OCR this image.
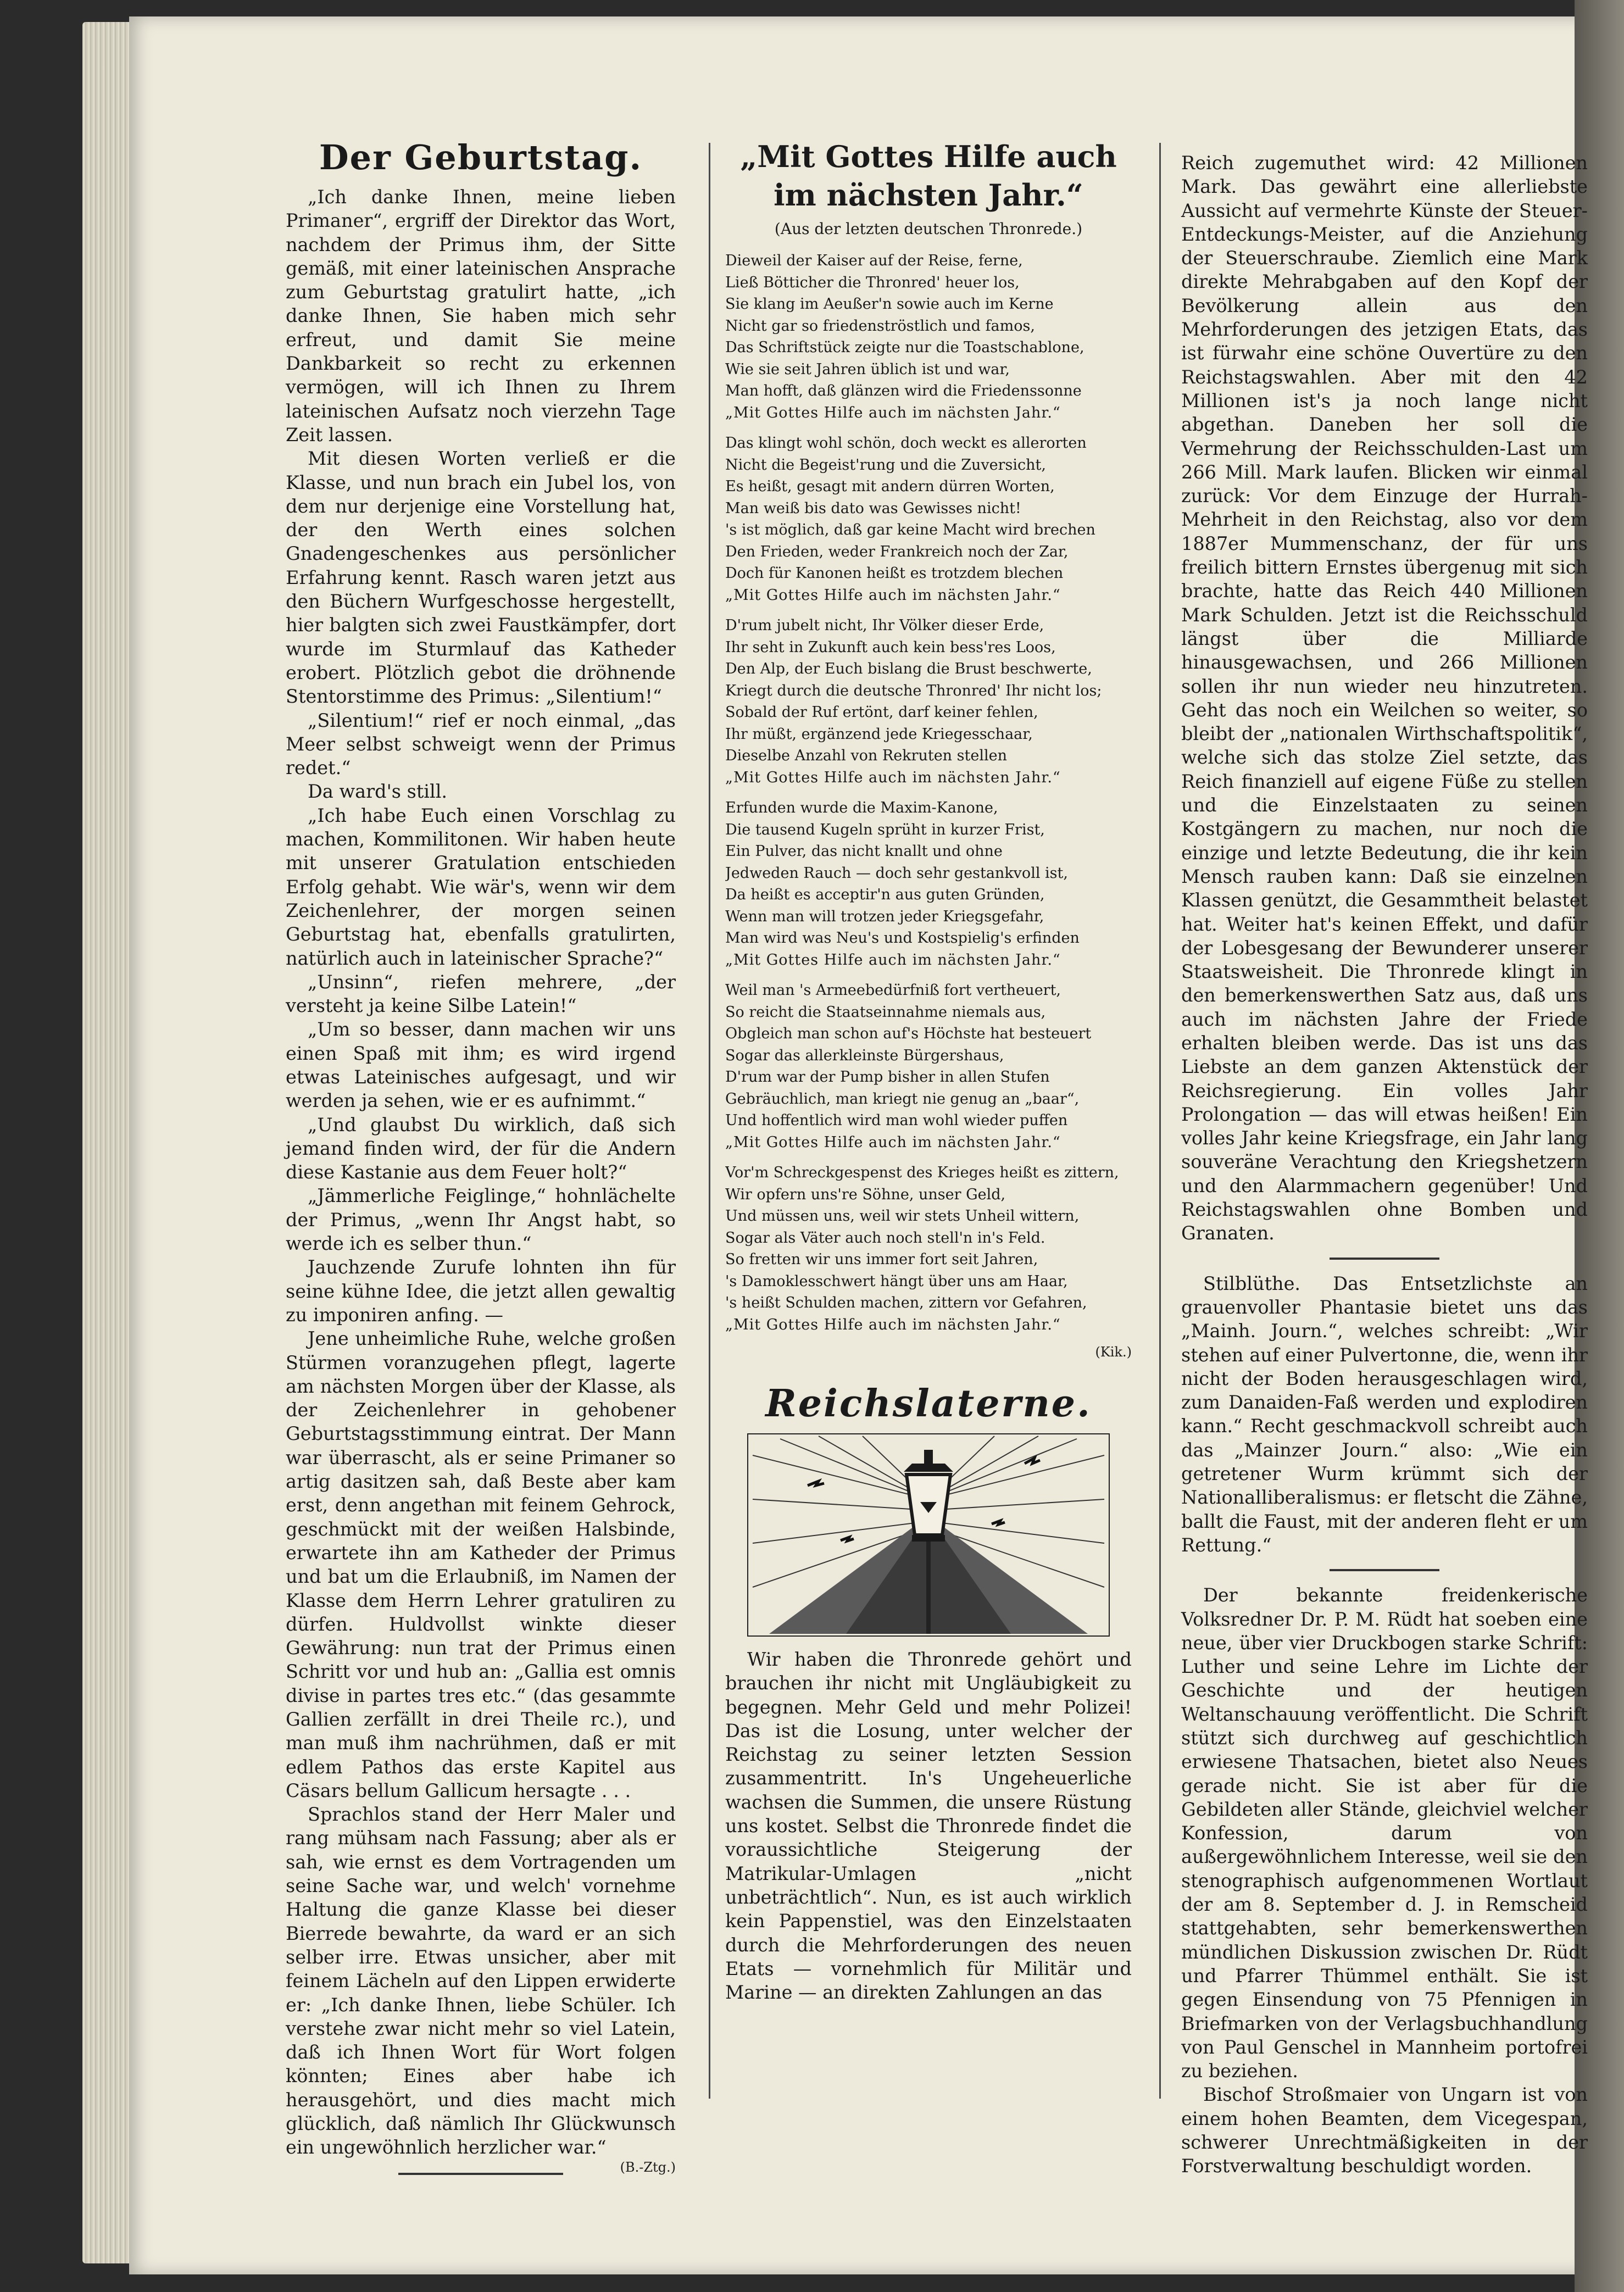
Der Geburtstag.

„Ich danke Ihnen, meine lieben Primaner“, ergriff der Direktor das Wort, nachdem der Primus ihm, der Sitte gemäß, mit einer lateinischen Ansprache zum Geburtstag gratulirt hatte, „ich danke Ihnen, Sie haben mich sehr erfreut, und damit Sie meine Dankbarkeit so recht zu erkennen vermögen, will ich Ihnen zu Ihrem lateinischen Aufsatz noch vierzehn Tage Zeit lassen.

Mit diesen Worten verließ er die Klasse, und nun brach ein Jubel los, von dem nur derjenige eine Vorstellung hat, der den Werth eines solchen Gnadengeschenkes aus persönlicher Erfahrung kennt. Rasch waren jetzt aus den Büchern Wurfgeschosse hergestellt, hier balgten sich zwei Faustkämpfer, dort wurde im Sturmlauf das Katheder erobert. Plötzlich gebot die dröhnende Stentorstimme des Primus: „Silentium!“

„Silentium!“ rief er noch einmal, „das Meer selbst schweigt wenn der Primus redet.“

Da ward's still.

„Ich habe Euch einen Vorschlag zu machen, Kommilitonen. Wir haben heute mit unserer Gratulation entschieden Erfolg gehabt. Wie wär's, wenn wir dem Zeichenlehrer, der morgen seinen Geburtstag hat, ebenfalls gratulirten, natürlich auch in lateinischer Sprache?“

„Unsinn“, riefen mehrere, „der versteht ja keine Silbe Latein!“

„Um so besser, dann machen wir uns einen Spaß mit ihm; es wird irgend etwas Lateinisches aufgesagt, und wir werden ja sehen, wie er es aufnimmt.“

„Und glaubst Du wirklich, daß sich jemand finden wird, der für die Andern diese Kastanie aus dem Feuer holt?“

„Jämmerliche Feiglinge,“ hohnlächelte der Primus, „wenn Ihr Angst habt, so werde ich es selber thun.“

Jauchzende Zurufe lohnten ihn für seine kühne Idee, die jetzt allen gewaltig zu imponiren anfing. —

Jene unheimliche Ruhe, welche großen Stürmen voranzugehen pflegt, lagerte am nächsten Morgen über der Klasse, als der Zeichenlehrer in gehobener Geburtstagsstimmung eintrat. Der Mann war überrascht, als er seine Primaner so artig dasitzen sah, daß Beste aber kam erst, denn angethan mit feinem Gehrock, geschmückt mit der weißen Halsbinde, erwartete ihn am Katheder der Primus und bat um die Erlaubniß, im Namen der Klasse dem Herrn Lehrer gratuliren zu dürfen. Huldvollst winkte dieser Gewährung: nun trat der Primus einen Schritt vor und hub an: „Gallia est omnis divise in partes tres etc.“ (das gesammte Gallien zerfällt in drei Theile rc.), und man muß ihm nachrühmen, daß er mit edlem Pathos das erste Kapitel aus Cäsars bellum Gallicum hersagte . . .

Sprachlos stand der Herr Maler und rang mühsam nach Fassung; aber als er sah, wie ernst es dem Vortragenden um seine Sache war, und welch' vornehme Haltung die ganze Klasse bei dieser Bierrede bewahrte, da ward er an sich selber irre. Etwas unsicher, aber mit feinem Lächeln auf den Lippen erwiderte er: „Ich danke Ihnen, liebe Schüler. Ich verstehe zwar nicht mehr so viel Latein, daß ich Ihnen Wort für Wort folgen könnten; Eines aber habe ich herausgehört, und dies macht mich glücklich, daß nämlich Ihr Glückwunsch ein ungewöhnlich herzlicher war.“

(B.-Ztg.)
„Mit Gottes Hilfe auch im nächsten Jahr.“
(Aus der letzten deutschen Thronrede.)
Dieweil der Kaiser auf der Reise, ferne,
Ließ Bötticher die Thronred' heuer los,
Sie klang im Aeußer'n sowie auch im Kerne
Nicht gar so friedenströstlich und famos,
Das Schriftstück zeigte nur die Toastschablone,
Wie sie seit Jahren üblich ist und war,
Man hofft, daß glänzen wird die Friedenssonne
„Mit Gottes Hilfe auch im nächsten Jahr.“
Das klingt wohl schön, doch weckt es allerorten
Nicht die Begeist'rung und die Zuversicht,
Es heißt, gesagt mit andern dürren Worten,
Man weiß bis dato was Gewisses nicht!
's ist möglich, daß gar keine Macht wird brechen
Den Frieden, weder Frankreich noch der Zar,
Doch für Kanonen heißt es trotzdem blechen
„Mit Gottes Hilfe auch im nächsten Jahr.“
D'rum jubelt nicht, Ihr Völker dieser Erde,
Ihr seht in Zukunft auch kein bess'res Loos,
Den Alp, der Euch bislang die Brust beschwerte,
Kriegt durch die deutsche Thronred' Ihr nicht los;
Sobald der Ruf ertönt, darf keiner fehlen,
Ihr müßt, ergänzend jede Kriegesschaar,
Dieselbe Anzahl von Rekruten stellen
„Mit Gottes Hilfe auch im nächsten Jahr.“
Erfunden wurde die Maxim-Kanone,
Die tausend Kugeln sprüht in kurzer Frist,
Ein Pulver, das nicht knallt und ohne
Jedweden Rauch — doch sehr gestankvoll ist,
Da heißt es acceptir'n aus guten Gründen,
Wenn man will trotzen jeder Kriegsgefahr,
Man wird was Neu's und Kostspielig's erfinden
„Mit Gottes Hilfe auch im nächsten Jahr.“
Weil man 's Armeebedürfniß fort vertheuert,
So reicht die Staatseinnahme niemals aus,
Obgleich man schon auf's Höchste hat besteuert
Sogar das allerkleinste Bürgershaus,
D'rum war der Pump bisher in allen Stufen
Gebräuchlich, man kriegt nie genug an „baar“,
Und hoffentlich wird man wohl wieder puffen
„Mit Gottes Hilfe auch im nächsten Jahr.“
Vor'm Schreckgespenst des Krieges heißt es zittern,
Wir opfern uns're Söhne, unser Geld,
Und müssen uns, weil wir stets Unheil wittern,
Sogar als Väter auch noch stell'n in's Feld.
So fretten wir uns immer fort seit Jahren,
's Damoklesschwert hängt über uns am Haar,
's heißt Schulden machen, zittern vor Gefahren,
„Mit Gottes Hilfe auch im nächsten Jahr.“
(Kik.)
Reichslaterne.

Wir haben die Thronrede gehört und brauchen ihr nicht mit Ungläubigkeit zu begegnen. Mehr Geld und mehr Polizei! Das ist die Losung, unter welcher der Reichstag zu seiner letzten Session zusammentritt. In's Ungeheuerliche wachsen die Summen, die unsere Rüstung uns kostet. Selbst die Thronrede findet die voraussichtliche Steigerung der Matrikular-Umlagen „nicht unbeträchtlich“. Nun, es ist auch wirklich kein Pappenstiel, was den Einzelstaaten durch die Mehrforderungen des neuen Etats — vornehmlich für Militär und Marine — an direkten Zahlungen an das

Reich zugemuthet wird: 42 Millionen Mark. Das gewährt eine allerliebste Aussicht auf vermehrte Künste der Steuer-Entdeckungs-Meister, auf die Anziehung der Steuerschraube. Ziemlich eine Mark direkte Mehrabgaben auf den Kopf der Bevölkerung allein aus den Mehrforderungen des jetzigen Etats, das ist fürwahr eine schöne Ouvertüre zu den Reichstagswahlen. Aber mit den 42 Millionen ist's ja noch lange nicht abgethan. Daneben her soll die Vermehrung der Reichsschulden-Last um 266 Mill. Mark laufen. Blicken wir einmal zurück: Vor dem Einzuge der Hurrah-Mehrheit in den Reichstag, also vor dem 1887er Mummenschanz, der für uns freilich bittern Ernstes übergenug mit sich brachte, hatte das Reich 440 Millionen Mark Schulden. Jetzt ist die Reichsschuld längst über die Milliarde hinausgewachsen, und 266 Millionen sollen ihr nun wieder neu hinzutreten. Geht das noch ein Weilchen so weiter, so bleibt der „nationalen Wirthschaftspolitik“, welche sich das stolze Ziel setzte, das Reich finanziell auf eigene Füße zu stellen und die Einzelstaaten zu seinen Kostgängern zu machen, nur noch die einzige und letzte Bedeutung, die ihr kein Mensch rauben kann: Daß sie einzelnen Klassen genützt, die Gesammtheit belastet hat. Weiter hat's keinen Effekt, und dafür der Lobesgesang der Bewunderer unserer Staatsweisheit. Die Thronrede klingt in den bemerkenswerthen Satz aus, daß uns auch im nächsten Jahre der Friede erhalten bleiben werde. Das ist uns das Liebste an dem ganzen Aktenstück der Reichsregierung. Ein volles Jahr Prolongation — das will etwas heißen! Ein volles Jahr keine Kriegsfrage, ein Jahr lang souveräne Verachtung den Kriegshetzern und den Alarmmachern gegenüber! Und Reichstagswahlen ohne Bomben und Granaten.

Stilblüthe. Das Entsetzlichste an grauenvoller Phantasie bietet uns das „Mainh. Journ.“, welches schreibt: „Wir stehen auf einer Pulvertonne, die, wenn ihr nicht der Boden herausgeschlagen wird, zum Danaiden-Faß werden und explodiren kann.“ Recht geschmackvoll schreibt auch das „Mainzer Journ.“ also: „Wie ein getretener Wurm krümmt sich der Nationalliberalismus: er fletscht die Zähne, ballt die Faust, mit der anderen fleht er um Rettung.“

Der bekannte freidenkerische Volksredner Dr. P. M. Rüdt hat soeben eine neue, über vier Druckbogen starke Schrift: Luther und seine Lehre im Lichte der Geschichte und der heutigen Weltanschauung veröffentlicht. Die Schrift stützt sich durchweg auf geschichtlich erwiesene Thatsachen, bietet also Neues gerade nicht. Sie ist aber für die Gebildeten aller Stände, gleichviel welcher Konfession, darum von außergewöhnlichem Interesse, weil sie den stenographisch aufgenommenen Wortlaut der am 8. September d. J. in Remscheid stattgehabten, sehr bemerkenswerthen mündlichen Diskussion zwischen Dr. Rüdt und Pfarrer Thümmel enthält. Sie ist gegen Einsendung von 75 Pfennigen in Briefmarken von der Verlagsbuchhandlung von Paul Genschel in Mannheim portofrei zu beziehen.

Bischof Stroßmaier von Ungarn ist von einem hohen Beamten, dem Vicegespan, schwerer Unrechtmäßigkeiten in der Forstverwaltung beschuldigt worden.
